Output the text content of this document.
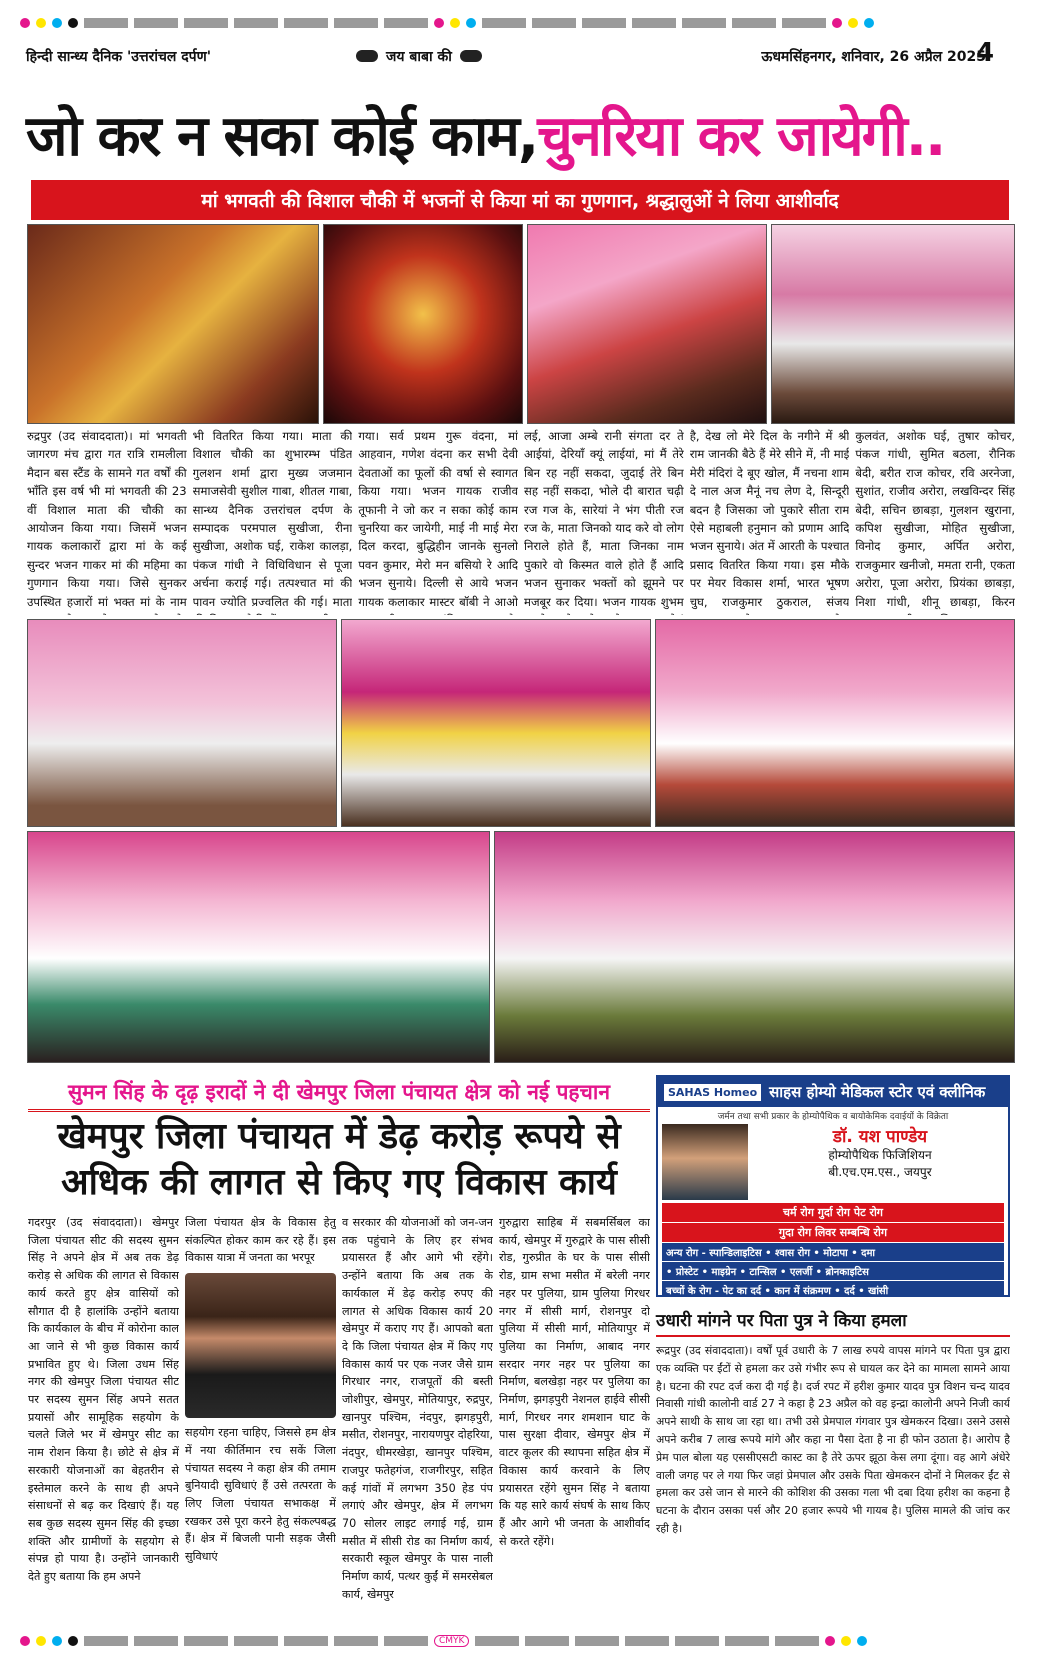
हिन्दी सान्ध्य दैनिक 'उत्तरांचल दर्पण'	जय बाबा की	ऊधमसिंहनगर, शनिवार, 26 अप्रैल 2025
4
जो कर न सका कोई काम,चुनरिया कर जायेगी..
मां भगवती की विशाल चौकी में भजनों से किया मां का गुणगान, श्रद्धालुओं ने लिया आशीर्वाद
रुद्रपुर (उद संवाददाता)। मां भगवती जागरण मंच द्वारा गत रात्रि रामलीला मैदान बस स्टैंड के सामने गत वर्षों की भाँति इस वर्ष भी मां भगवती की 23 वीं विशाल माता की चौकी का आयोजन किया गया। जिसमें भजन गायक कलाकारों द्वारा मां के कई सुन्दर भजन गाकर मां की महिमा का गुणगान किया गया। जिसे सुनकर उपस्थित हजारों मां भक्त मां के नाम
भी वितरित किया गया। माता की विशाल चौकी का शुभारम्भ पंडित गुलशन शर्मा द्वारा मुख्य जजमान समाजसेवी सुशील गाबा, शीतल गाबा, सान्ध्य दैनिक उत्तरांचल दर्पण के सम्पादक परमपाल सुखीजा, रीना सुखीजा, अशोक घई, राकेश कालड़ा, पंकज गांधी ने विधिविधान से पूजा अर्चना कराई गई। तत्पश्चात मां की पावन ज्योति प्रज्वलित की गई। माता
गया। सर्व प्रथम गुरू वंदना, मां आहवान, गणेश वंदना कर सभी देवी देवताओं का फूलों की वर्षा से स्वागत किया गया। भजन गायक राजीव तूफानी ने जो कर न सका कोई काम चुनरिया कर जायेगी, माई नी माई मेरा दिल करदा, बुद्धिहीन जानके सुनलो पवन कुमार, मेरो मन बसियो रे आदि भजन सुनाये। दिल्ली से आये भजन गायक कलाकार मास्टर बॉबी ने आओ
लई, आजा अम्बे रानी संगता दर ते आईयां, देरियाँ क्यूं लाईयां, मां मैं तेरे बिन रह नहीं सकदा, जुदाई तेरे बिन सह नहीं सकदा, भोले दी बारात चढ़ी रज गज के, सारेयां ने भंग पीती रज रज के, माता जिनको याद करे वो लोग निराले होते हैं, माता जिनका नाम पुकारे वो किस्मत वाले होते हैं आदि भजन सुनाकर भक्तों को झूमने पर मजबूर कर दिया। भजन गायक शुभम
है, देख लो मेरे दिल के नगीने में श्री राम जानकी बैठे हैं मेरे सीने में, नी माई मेरी मंदिरां दे बूए खोल, मैं नचना शाम दे नाल अज मैनूं नच लेण दे, सिन्दूरी बदन है जिसका जो पुकारे सीता राम ऐसे महाबली हनुमान को प्रणाम आदि भजन सुनाये। अंत में आरती के पश्चात प्रसाद वितरित किया गया। इस मौके पर मेयर विकास शर्मा, भारत भूषण चुघ, राजकुमार ठुकराल, संजय
कुलवंत, अशोक घई, तुषार कोचर, पंकज गांधी, सुमित बठला, रौनिक बेदी, बरीत राज कोचर, रवि अरनेजा, सुशांत, राजीव अरोरा, लखविन्दर सिंह बेदी, सचिन छाबड़ा, गुलशन खुराना, कपिश सुखीजा, मोहित सुखीजा, विनोद कुमार, अर्पित अरोरा, राजकुमार खनीजो, ममता रानी, एकता अरोरा, पूजा अरोरा, प्रियंका छाबड़ा, निशा गांधी, शीनू छाबड़ा, किरन
सुमन सिंह के दृढ़ इरादों ने दी खेमपुर जिला पंचायत क्षेत्र को नई पहचान
खेमपुर जिला पंचायत में डेढ़ करोड़ रूपये से अधिक की लागत से किए गए विकास कार्य
गदरपुर (उद संवाददाता)। खेमपुर जिला पंचायत सीट की सदस्य सुमन सिंह ने अपने क्षेत्र में अब तक डेढ़ करोड़ से अधिक की लागत से विकास कार्य करते हुए क्षेत्र वासियों को सौगात दी है हालांकि उन्होंने बताया कि कार्यकाल के बीच में कोरोना काल आ जाने से भी कुछ विकास कार्य प्रभावित हुए थे। जिला उधम सिंह नगर की खेमपुर जिला पंचायत सीट पर सदस्य सुमन सिंह अपने सतत प्रयासों और सामूहिक सहयोग के चलते जिले भर में खेमपुर सीट का नाम रोशन किया है। छोटे से क्षेत्र में सरकारी योजनाओं का बेहतरीन से इस्तेमाल करने के साथ ही अपने संसाधनों से बढ़ कर दिखाएं हैं। यह सब कुछ सदस्य सुमन सिंह की इच्छा शक्ति और ग्रामीणों के सहयोग से संपन्न हो पाया है। उन्होंने जानकारी देते हुए बताया कि हम अपने
जिला पंचायत क्षेत्र के विकास हेतु संकल्पित होकर काम कर रहे हैं। इस विकास यात्रा में जनता का भरपूर
सहयोग रहना चाहिए, जिससे हम क्षेत्र में नया कीर्तिमान रच सकें जिला पंचायत सदस्य ने कहा क्षेत्र की तमाम बुनियादी सुविधाएं हैं उसे तत्परता के लिए जिला पंचायत सभाकक्ष में रखकर उसे पूरा करने हेतु संकल्पबद्ध हैं। क्षेत्र में बिजली पानी सड़क जैसी सुविधाएं
व सरकार की योजनाओं को जन-जन तक पहुंचाने के लिए हर संभव प्रयासरत हैं और आगे भी रहेंगे। उन्होंने बताया कि अब तक के कार्यकाल में डेढ़ करोड़ रुपए की लागत से अधिक विकास कार्य 20 खेमपुर में कराए गए हैं। आपको बता दे कि जिला पंचायत क्षेत्र में किए गए विकास कार्य पर एक नजर जैसे ग्राम गिरधार नगर, राजपूतों की बस्ती जोशीपुर, खेमपुर, मोतियापुर, रुद्रपुर, खानपुर पश्चिम, नंदपुर, झगड़पुरी, मसीत, रोशनपुर, नारायणपुर दोहरिया, नंदपुर, धीमरखेड़ा, खानपुर पश्चिम, राजपुर फतेहगंज, राजगीरपुर, सहित कई गांवों में लगभग 350 हेड पंप लगाएं और खेमपुर, क्षेत्र में लगभग 70 सोलर लाइट लगाई गई, ग्राम मसीत में सीसी रोड का निर्माण कार्य, सरकारी स्कूल खेमपुर के पास नाली निर्माण कार्य, पत्थर कुईं में समरसेबल कार्य, खेमपुर
गुरुद्वारा साहिब में सबमर्सिबल का कार्य, खेमपुर में गुरुद्वारे के पास सीसी रोड, गुरुप्रीत के घर के पास सीसी रोड, ग्राम सभा मसीत में बरेली नगर नहर पर पुलिया, ग्राम पुलिया गिरधर नगर में सीसी मार्ग, रोशनपुर दो पुलिया में सीसी मार्ग, मोतियापुर में पुलिया का निर्माण, आबाद नगर सरदार नगर नहर पर पुलिया का निर्माण, बलखेड़ा नहर पर पुलिया का निर्माण, झगड़पुरी नेशनल हाईवे सीसी मार्ग, गिरधर नगर शमशान घाट के पास सुरक्षा दीवार, खेमपुर क्षेत्र में वाटर कूलर की स्थापना सहित क्षेत्र में विकास कार्य करवाने के लिए प्रयासरत रहेंगे सुमन सिंह ने बताया कि यह सारे कार्य संघर्ष के साथ किए हैं और आगे भी जनता के आशीर्वाद से करते रहेंगे।
SAHAS Homeo साहस होम्यो मेडिकल स्टोर एवं क्लीनिक
जर्मन तथा सभी प्रकार के होम्योपैथिक व बायोकेमिक दवाईयों के विक्रेता
डॉ. यश पाण्डेय
होम्योपैथिक फिजिशियन
बी.एच.एम.एस., जयपुर
चर्म रोग गुर्दा रोग पेट रोग
गुदा रोग लिवर सम्बन्धि रोग
अन्य रोग - स्पान्डिलाइटिस • श्वास रोग • मोटापा • दमा
• प्रोस्टेट • माइग्रेन • टान्सिल • एलर्जी • ब्रोनकाइटिस
बच्चों के रोग - पेट का दर्द • कान में संक्रमण • दर्द • खांसी
उधारी मांगने पर पिता पुत्र ने किया हमला
रूद्रपुर (उद संवाददाता)। वर्षों पूर्व उधारी के 7 लाख रुपये वापस मांगने पर पिता पुत्र द्वारा एक व्यक्ति पर ईंटों से हमला कर उसे गंभीर रूप से घायल कर देने का मामला सामने आया है। घटना की रपट दर्ज करा दी गई है। दर्ज रपट में हरीश कुमार यादव पुत्र विशन चन्द यादव निवासी गांधी कालोनी वार्ड 27 ने कहा है 23 अप्रैल को वह इन्द्रा कालोनी अपने निजी कार्य अपने साथी के साथ जा रहा था। तभी उसे प्रेमपाल गंगवार पुत्र खेमकरन दिखा। उसने उससे अपने करीब 7 लाख रूपये मांगे और कहा ना पैसा देता है ना ही फोन उठाता है। आरोप है प्रेम पाल बोला यह एससीएसटी कास्ट का है तेरे ऊपर झूठा केस लगा दूंगा। वह आगे अंधेरे वाली जगह पर ले गया फिर जहां प्रेमपाल और उसके पिता खेमकरन दोनों ने मिलकर ईंट से हमला कर उसे जान से मारने की कोशिश की उसका गला भी दबा दिया हरीश का कहना है घटना के दौरान उसका पर्स और 20 हजार रूपये भी गायब है। पुलिस मामले की जांच कर रही है।
CMYK
